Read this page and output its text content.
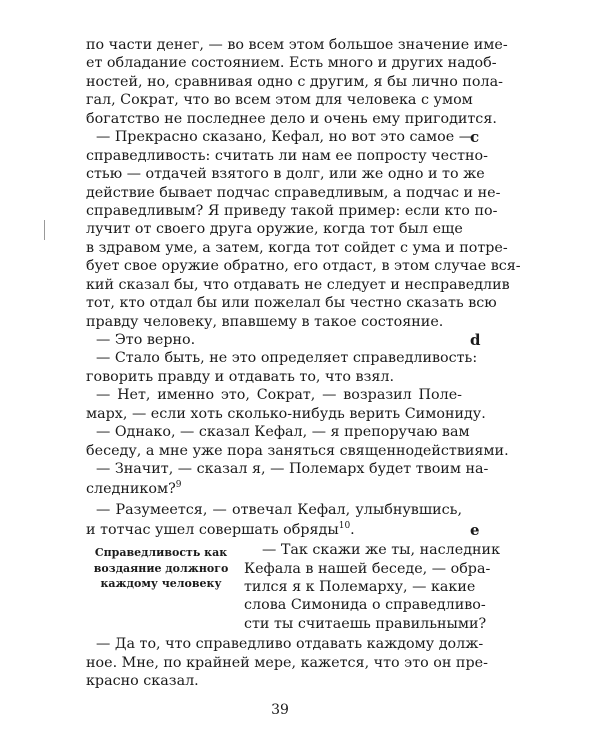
по части денег, — во всем этом большое значение име-
ет обладание состоянием. Есть много и других надоб-
ностей, но, сравнивая одно с другим, я бы лично пола-
гал, Сократ, что во всем этом для человека с умом
богатство не последнее дело и очень ему пригодится.
— Прекрасно сказано, Кефал, но вот это самое —
c
справедливость: считать ли нам ее попросту честно-
стью — отдачей взятого в долг, или же одно и то же
действие бывает подчас справедливым, а подчас и не-
справедливым? Я приведу такой пример: если кто по-
лучит от своего друга оружие, когда тот был еще
в здравом уме, а затем, когда тот сойдет с ума и потре-
бует свое оружие обратно, его отдаст, в этом случае вся-
кий сказал бы, что отдавать не следует и несправедлив
тот, кто отдал бы или пожелал бы честно сказать всю
правду человеку, впавшему в такое состояние.
— Это верно.	d
— Стало быть, не это определяет справедливость:
говорить правду и отдавать то, что взял.
— Нет, именно это, Сократ, — возразил Поле-
марх, — если хоть сколько-нибудь верить Симониду.
— Однако, — сказал Кефал, — я препоручаю вам
беседу, а мне уже пора заняться священнодействиями.
— Значит, — сказал я, — Полемарх будет твоим на-
следником?$^9$
— Разумеется, — отвечал Кефал, улыбнувшись,
и тотчас ушел совершать обряды$^{10}$.	e
Справедливость как
воздаяние должного
каждому человеку
— Так скажи же ты, наследник
Кефала в нашей беседе, — обра-
тился я к Полемарху, — какие
слова Симонида о справедливо-
сти ты считаешь правильными?
— Да то, что справедливо отдавать каждому долж-
ное. Мне, по крайней мере, кажется, что это он пре-
красно сказал.
39
